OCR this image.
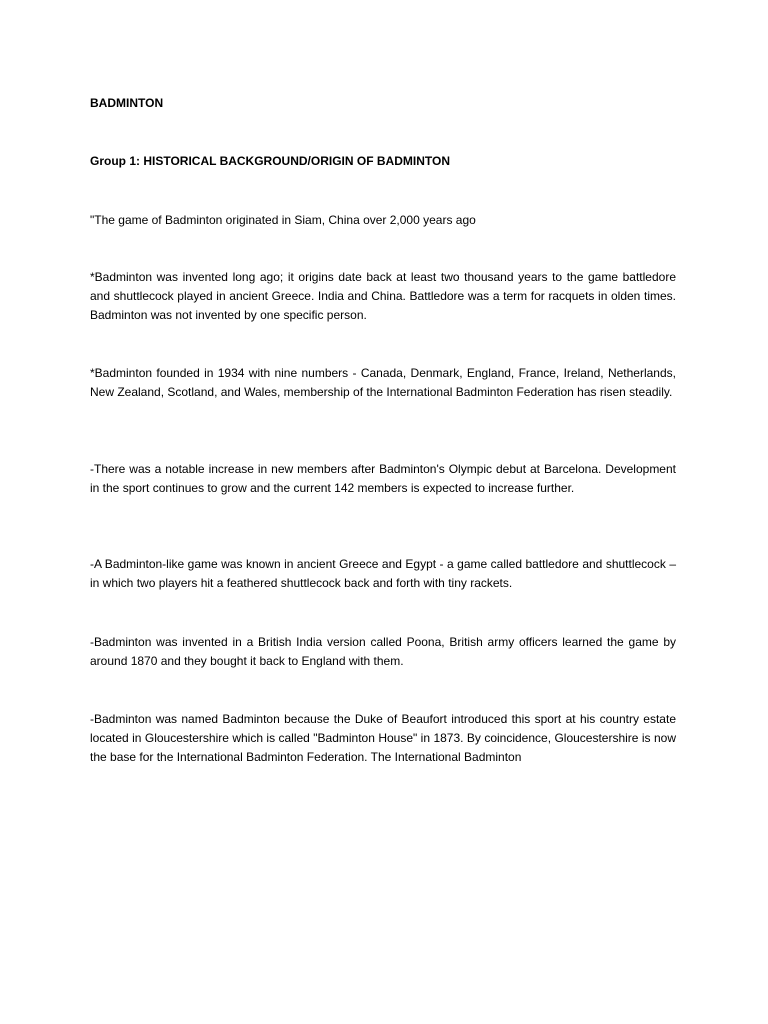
BADMINTON

Group 1: HISTORICAL BACKGROUND/ORIGIN OF BADMINTON

"The game of Badminton originated in Siam, China over 2,000 years ago

*Badminton was invented long ago; it origins date back at least two thousand years to the game battledore and shuttlecock played in ancient Greece. India and China. Battledore was a term for racquets in olden times. Badminton was not invented by one specific person.

*Badminton founded in 1934 with nine numbers - Canada, Denmark, England, France, Ireland, Netherlands, New Zealand, Scotland, and Wales, membership of the International Badminton Federation has risen steadily.

-There was a notable increase in new members after Badminton's Olympic debut at Barcelona. Development in the sport continues to grow and the current 142 members is expected to increase further.

-A Badminton-like game was known in ancient Greece and Egypt - a game called battledore and shuttlecock – in which two players hit a feathered shuttlecock back and forth with tiny rackets.

-Badminton was invented in a British India version called Poona, British army officers learned the game by around 1870 and they bought it back to England with them.

-Badminton was named Badminton because the Duke of Beaufort introduced this sport at his country estate located in Gloucestershire which is called "Badminton House" in 1873. By coincidence, Gloucestershire is now the base for the International Badminton Federation. The International Badminton
